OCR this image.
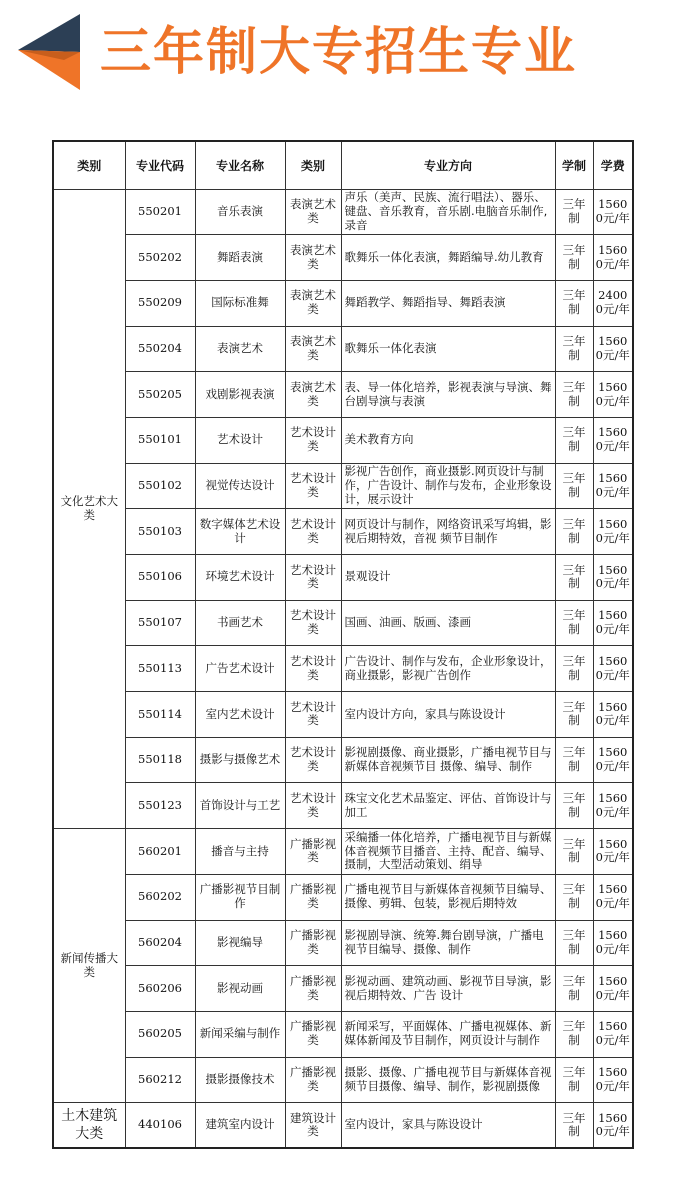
三年制大专招生专业
类别	专业代码	专业名称	类别	专业方向	学制	学费
文化艺术大类	550201	音乐表演	表演艺术类	声乐（美声、民族、流行唱法）、器乐、键盘、音乐教育，音乐剧.电脑音乐制作,录音	三年制	15600元/年
	550202	舞蹈表演	表演艺术类	歌舞乐一体化表演，舞蹈编导.幼儿教育	三年制	15600元/年
	550209	国际标准舞	表演艺术类	舞蹈教学、舞蹈指导、舞蹈表演	三年制	24000元/年
	550204	表演艺术	表演艺术类	歌舞乐一体化表演	三年制	15600元/年
	550205	戏剧影视表演	表演艺术类	表、导一体化培养，影视表演与导演、舞台剧导演与表演	三年制	15600元/年
	550101	艺术设计	艺术设计类	美术教育方向	三年制	15600元/年
	550102	视觉传达设计	艺术设计类	影视广告创作，商业摄影.网页设计与制作，广告设计、制作与发布，企业形象设计，展示设计	三年制	15600元/年
	550103	数字媒体艺术设计	艺术设计类	网页设计与制作，网络资讯采写坞辑，影视后期特效，音视 频节目制作	三年制	15600元/年
	550106	环境艺术设计	艺术设计类	景观设计	三年制	15600元/年
	550107	书画艺术	艺术设计类	国画、油画、版画、漆画	三年制	15600元/年
	550113	广告艺术设计	艺术设计类	广告设计、制作与发布，企业形象设计，商业摄影，影视广告创作	三年制	15600元/年
	550114	室内艺术设计	艺术设计类	室内设计方向，家具与陈设设计	三年制	15600元/年
	550118	摄影与摄像艺术	艺术设计类	影视剧摄像、商业摄影，广播电视节目与新媒体音视频节目 摄像、编导、制作	三年制	15600元/年
	550123	首饰设计与工艺	艺术设计类	珠宝文化艺术品鉴定、评估、首饰设计与加工	三年制	15600元/年
新闻传播大类	560201	播音与主持	广播影视类	采编播一体化培养，广播电视节目与新媒体音视频节目播音、主持、配音、编导、摄制，大型活动策划、绢导	三年制	15600元/年
	560202	广播影视节目制作	广播影视类	广播电视节目与新媒体音视频节目编导、摄像、剪辑、包装，影视后期特效	三年制	15600元/年
	560204	影视编导	广播影视类	影视剧导演、统筹.舞台剧导演，广播电视节目编导、摄像、制作	三年制	15600元/年
	560206	影视动画	广播影视类	影视动画、建筑动画、影视节目导演，影视后期特效、广告 设计	三年制	15600元/年
	560205	新闻采编与制作	广播影视类	新闻采写，平面媒体、广播电视媒体、新媒体新闻及节目制作，网页设计与制作	三年制	15600元/年
	560212	摄影摄像技术	广播影视类	摄影、摄像、广播电视节目与新媒体音视频节目摄像、编导、制作，影视剧摄像	三年制	15600元/年
土木建筑大类	440106	建筑室内设计	建筑设计类	室内设计，家具与陈设设计	三年制	15600元/年
